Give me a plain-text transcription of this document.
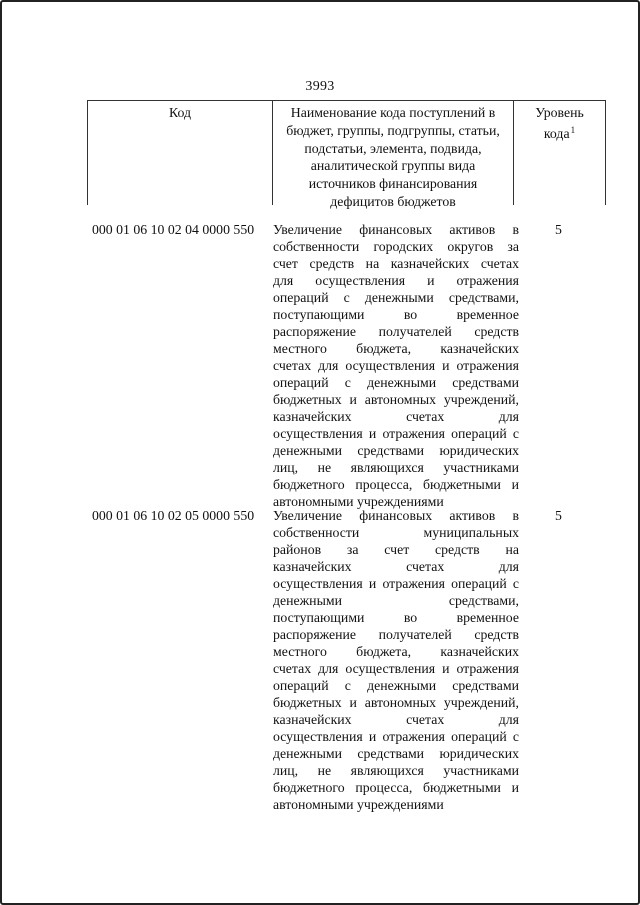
3993
Код	Наименование кода поступлений в
бюджет, группы, подгруппы, статьи,
подстатьи, элемента, подвида,
аналитической группы вида
источников финансирования
дефицитов бюджетов
Уровень
кода$^1$
000 01 06 10 02 04 0000 550 Увеличение финансовых активов в
собственности городских округов за
счет средств на казначейских счетах
для осуществления и отражения
операций с денежными средствами,
поступающими во временное
распоряжение получателей средств
местного бюджета, казначейских
счетах для осуществления и отражения
операций с денежными средствами
бюджетных и автономных учреждений,
казначейских счетах для
осуществления и отражения операций с
денежными средствами юридических
лиц, не являющихся участниками
бюджетного процесса, бюджетными и
автономными учреждениями
5
000 01 06 10 02 05 0000 550 Увеличение финансовых активов в
собственности муниципальных
районов за счет средств на
казначейских счетах для
осуществления и отражения операций с
денежными средствами,
поступающими во временное
распоряжение получателей средств
местного бюджета, казначейских
счетах для осуществления и отражения
операций с денежными средствами
бюджетных и автономных учреждений,
казначейских счетах для
осуществления и отражения операций с
денежными средствами юридических
лиц, не являющихся участниками
бюджетного процесса, бюджетными и
автономными учреждениями
5
